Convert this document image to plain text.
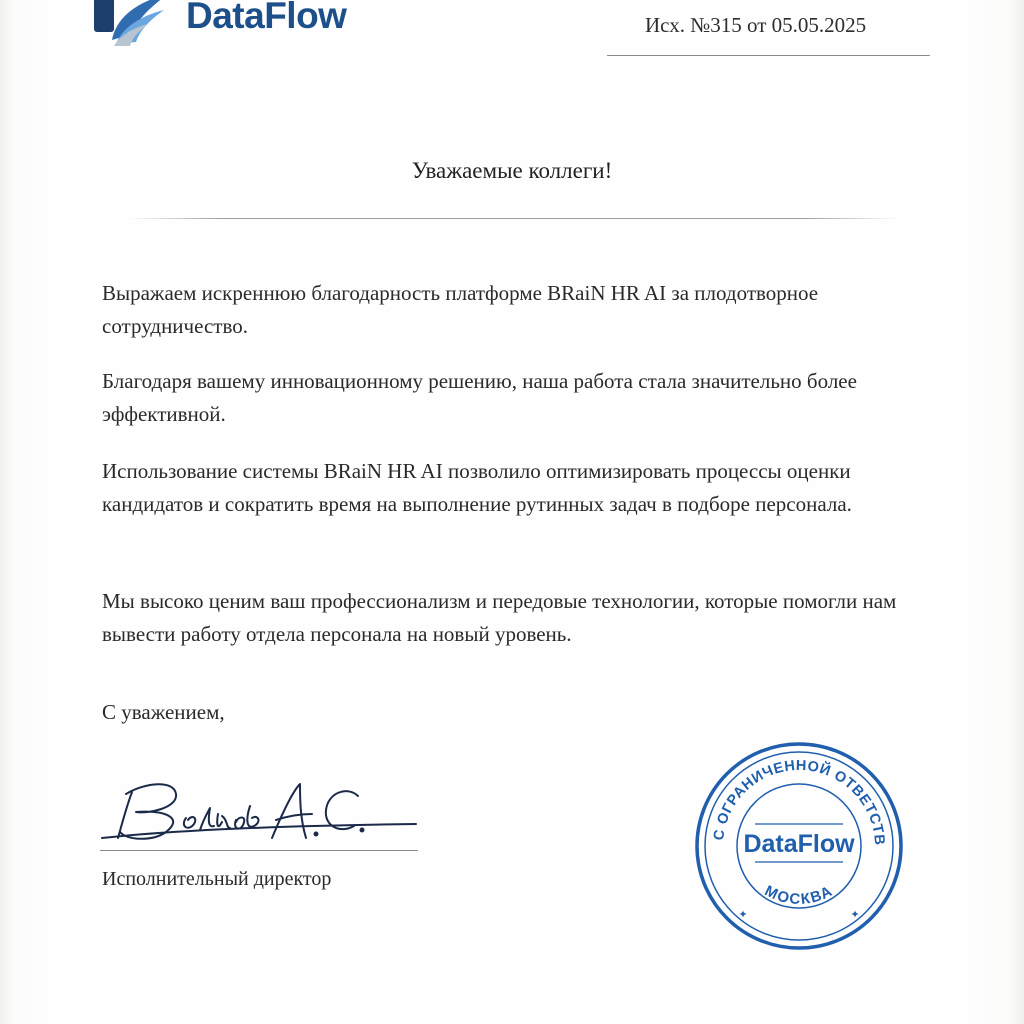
DataFlow	Исх. №315 от 05.05.2025
Уважаемые коллеги!

Выражаем искреннюю благодарность платформе BRaiN HR AI за плодотворное сотрудничество.

Благодаря вашему инновационному решению, наша работа стала значительно более эффективной.

Использование системы BRaiN HR AI позволило оптимизировать процессы оценки кандидатов и сократить время на выполнение рутинных задач в подборе персонала.

Мы высоко ценим ваш профессионализм и передовые технологии, которые помогли нам вывести работу отдела персонала на новый уровень.

С уважением,
Исполнительный директор
С ОГРАНИЧЕННОЙ ОТВЕТСТВ
МОСКВА
✦	✦
DataFlow
